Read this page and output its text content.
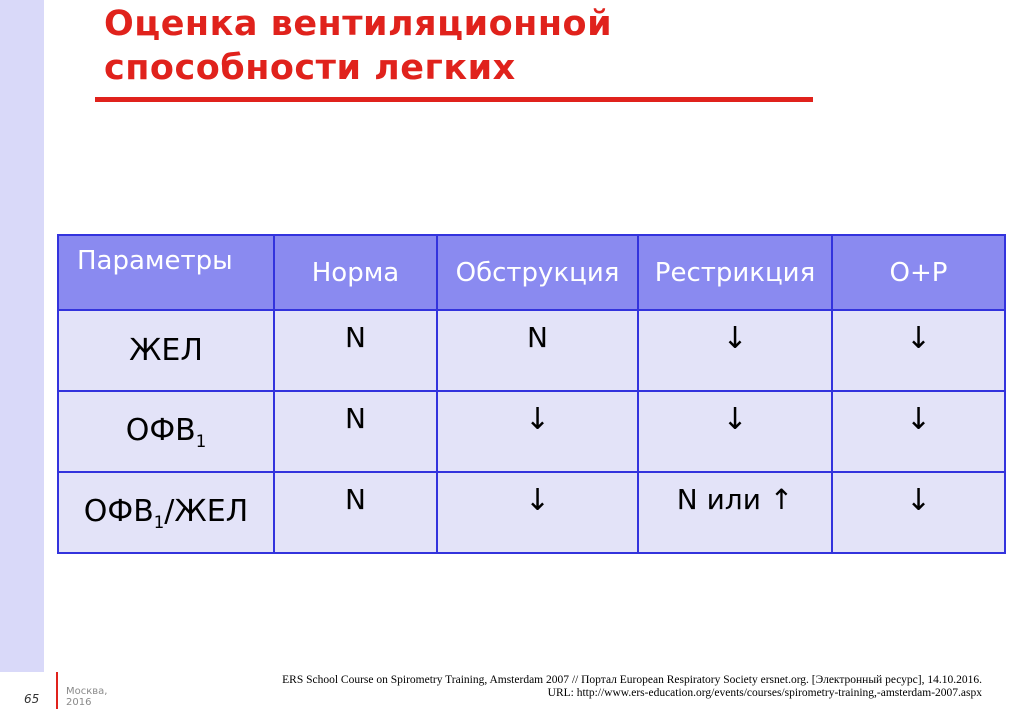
Оценка вентиляционной
способности легких
Параметры	Норма	Обструкция	Рестрикция	О+Р
ЖЕЛ	N	N	↓	↓
$ОФВ_1$	N	↓	↓	↓
$ОФВ_1$/ЖЕЛ	N	↓	N или ↑	↓
65
Москва,
2016
ERS School Course on Spirometry Training, Amsterdam 2007 // Портал European Respiratory Society ersnet.org. [Электронный ресурс], 14.10.2016.
URL: http://www.ers-education.org/events/courses/spirometry-training,-amsterdam-2007.aspx
